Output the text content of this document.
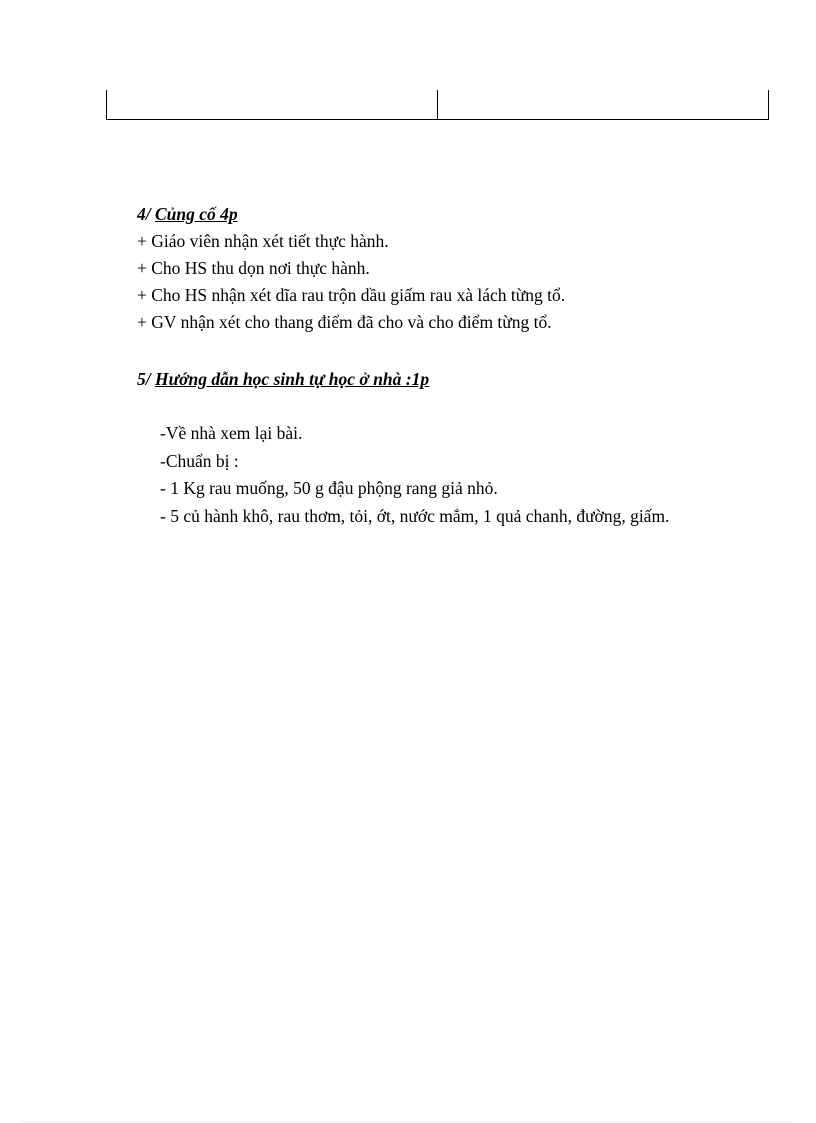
4/ Củng cố 4p
+ Giáo viên nhận xét tiết thực hành.
+ Cho HS thu dọn nơi thực hành.
+ Cho HS nhận xét dĩa rau trộn dầu giấm rau xà lách từng tổ.
+ GV nhận xét cho thang điểm đã cho và cho điểm từng tổ.
5/ Hướng dẫn học sinh tự học ở nhà :1p
-Về nhà xem lại bài.
-Chuẩn bị :
- 1 Kg rau muống, 50 g đậu phộng rang giả nhỏ.
- 5 củ hành khô, rau thơm, tỏi, ớt, nước mắm, 1 quả chanh, đường, giấm.
